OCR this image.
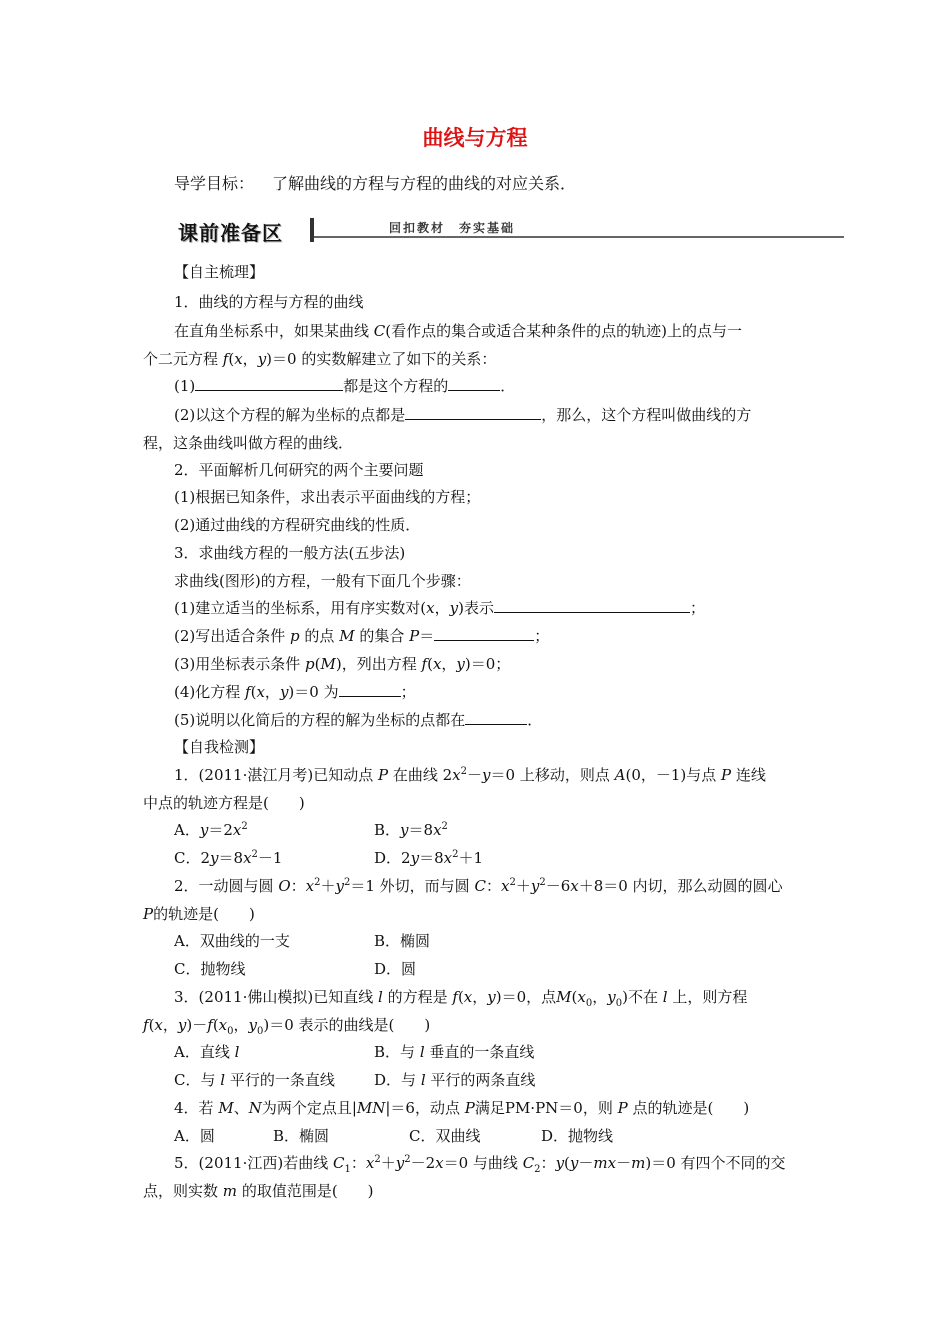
曲线与方程
导学目标： 了解曲线的方程与方程的曲线的对应关系．
课前准备区	回扣教材　夯实基础
【自主梳理】
1．曲线的方程与方程的曲线
在直角坐标系中，如果某曲线 C(看作点的集合或适合某种条件的点的轨迹)上的点与一
个二元方程 f(x，y)＝0 的实数解建立了如下的关系：
(1)	都是这个方程的	．
(2)以这个方程的解为坐标的点都是	，那么，这个方程叫做曲线的方
程，这条曲线叫做方程的曲线．
2．平面解析几何研究的两个主要问题
(1)根据已知条件，求出表示平面曲线的方程；
(2)通过曲线的方程研究曲线的性质．
3．求曲线方程的一般方法(五步法)
求曲线(图形)的方程，一般有下面几个步骤：
(1)建立适当的坐标系，用有序实数对(x，y)表示	；
(2)写出适合条件 p 的点 M 的集合 P＝	；
(3)用坐标表示条件 p(M)，列出方程 f(x，y)＝0；
(4)化方程 f(x，y)＝0 为	；
(5)说明以化简后的方程的解为坐标的点都在	．
【自我检测】
1．(2011·湛江月考)已知动点 P 在曲线 $2x^2-y=0$ 上移动，则点 A(0，－1)与点 P 连线
中点的轨迹方程是(　　)
A．$y=2x^2$	B．$y=8x^2$
C．$2y=8x^2-1$	D．$2y=8x^2+1$
2．一动圆与圆 O：$x^2+y^2=1$ 外切，而与圆 C：$x^2+y^2-6x+8=0$ 内切，那么动圆的圆心
P的轨迹是(　　)
A．双曲线的一支	B．椭圆
C．抛物线	D．圆
3．(2011·佛山模拟)已知直线 l 的方程是 f(x，y)＝0，点$M(x_0$，$y_0$)不在 l 上，则方程
f(x，$y)-f(x_0$，$y_0)=0$ 表示的曲线是(　　)
A．直线 l	B．与 l 垂直的一条直线
C．与 l 平行的一条直线	D．与 l 平行的两条直线
4．若 M、N为两个定点且|MN|＝6，动点 P满足PM·PN＝0，则 P 点的轨迹是(　　)
A．圆	B．椭圆	C．双曲线	D．抛物线
5．(2011·江西)若曲线 $C_1$：$x^2+y^2-2x=0$ 与曲线 $C_2$：y(y－mx－m)＝0 有四个不同的交
点，则实数 m 的取值范围是(　　)
